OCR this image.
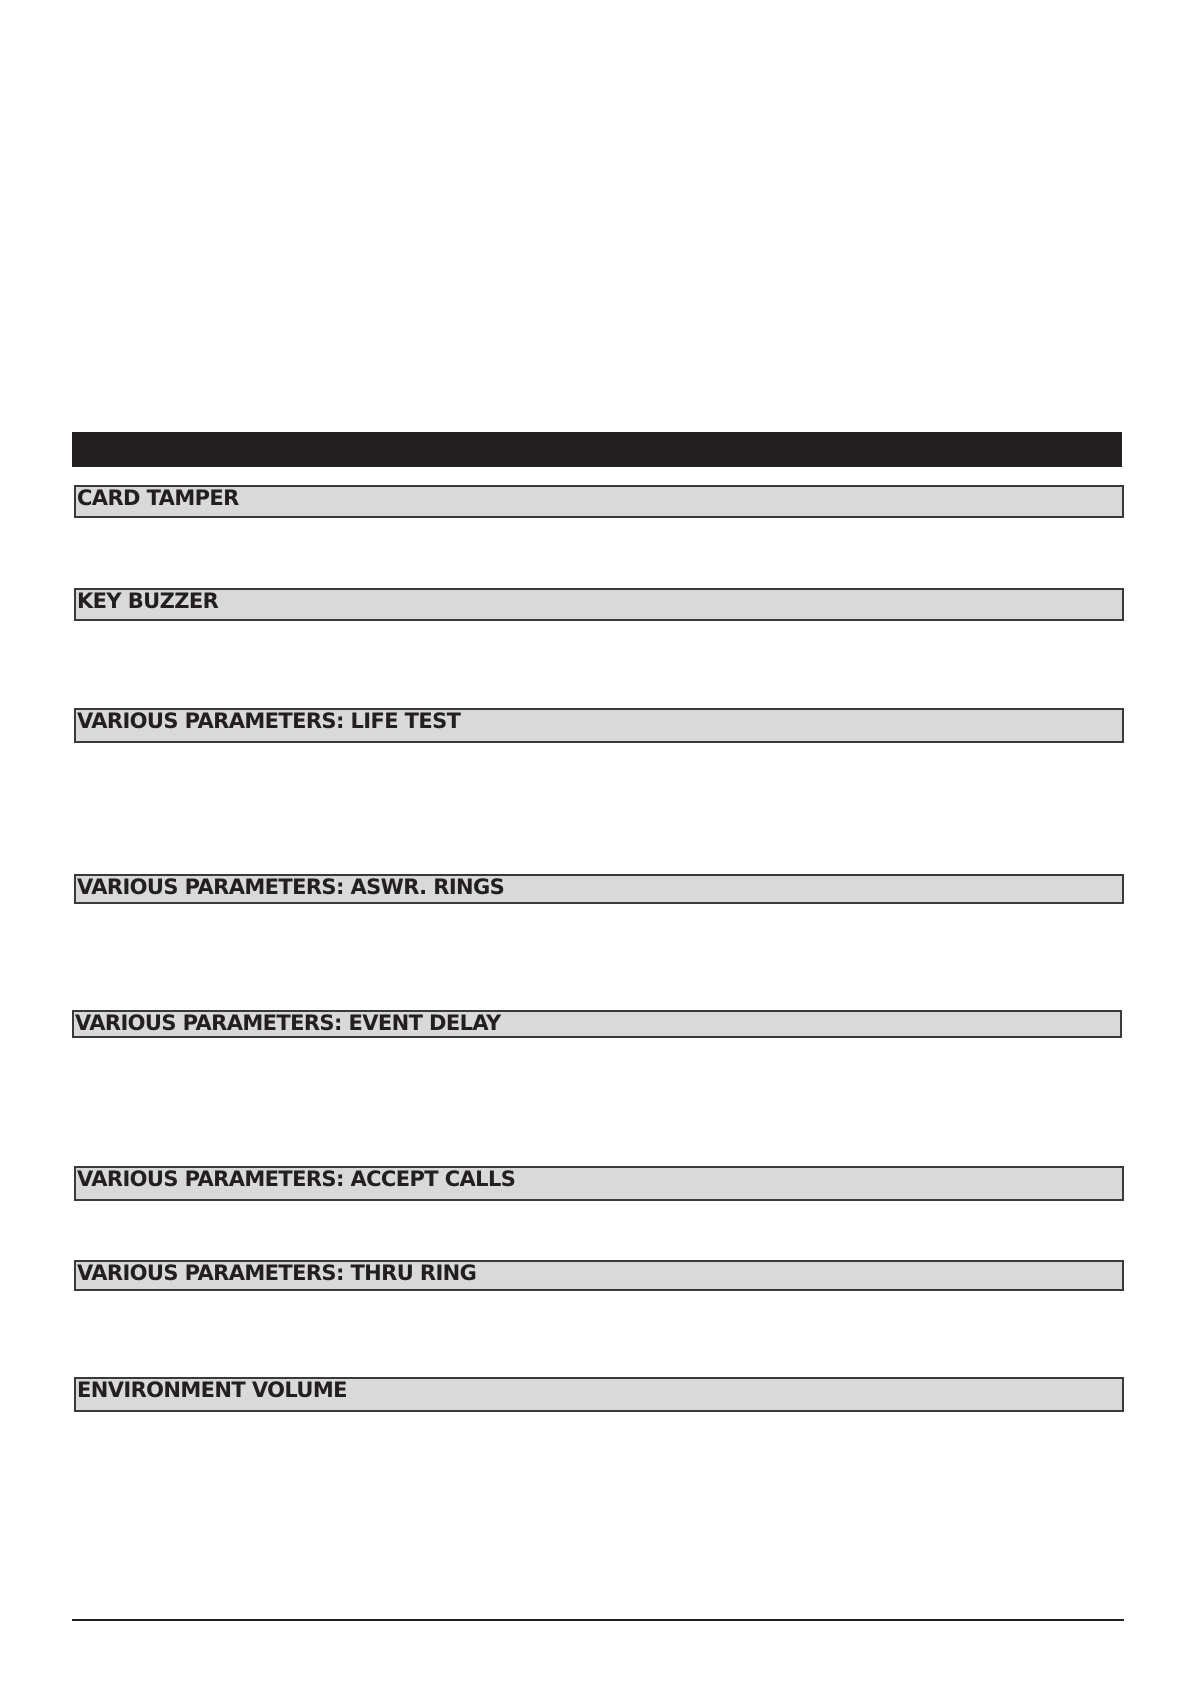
CARD TAMPER
KEY BUZZER
VARIOUS PARAMETERS: LIFE TEST
VARIOUS PARAMETERS: ASWR. RINGS
VARIOUS PARAMETERS: EVENT DELAY
VARIOUS PARAMETERS: ACCEPT CALLS
VARIOUS PARAMETERS: THRU RING
ENVIRONMENT VOLUME
